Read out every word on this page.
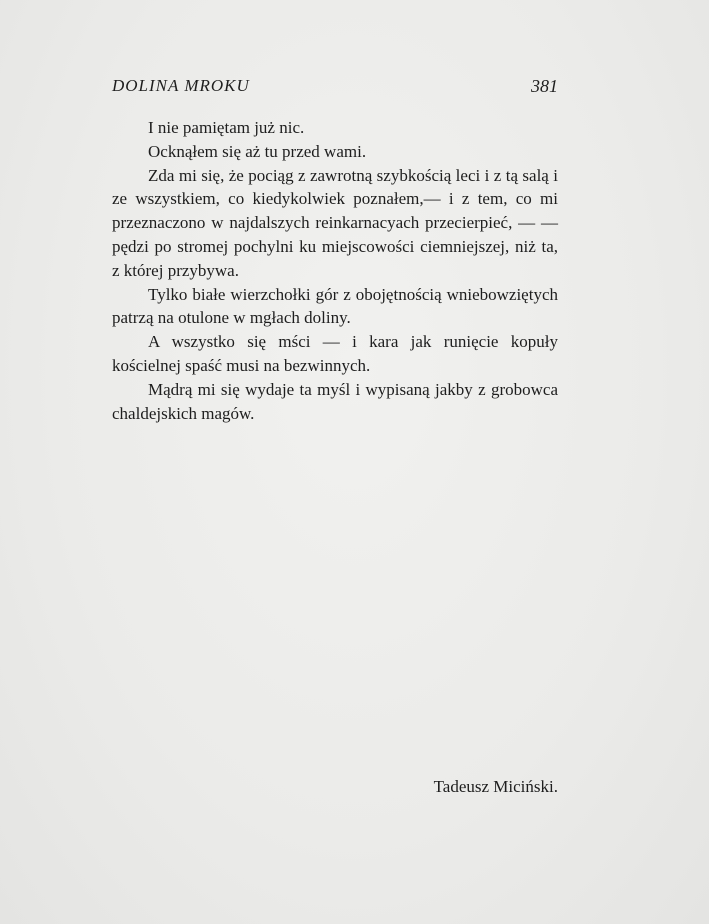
DOLINA MROKU	381

I nie pamiętam już nic.

Ocknąłem się aż tu przed wami.

Zda mi się, że pociąg z zawrotną szybkością leci i z tą salą i ze wszystkiem, co kiedykolwiek poznałem,— i z tem, co mi przeznaczono w najdalszych reinkarnacyach przecierpieć, — — pędzi po stromej pochylni ku miejscowości ciemniejszej, niż ta, z której przybywa.

Tylko białe wierzchołki gór z obojętnością wniebowziętych patrzą na otulone w mgłach doliny.

A wszystko się mści — i kara jak runięcie kopuły kościelnej spaść musi na bezwinnych.

Mądrą mi się wydaje ta myśl i wypisaną jakby z grobowca chaldejskich magów.

Tadeusz Miciński.
